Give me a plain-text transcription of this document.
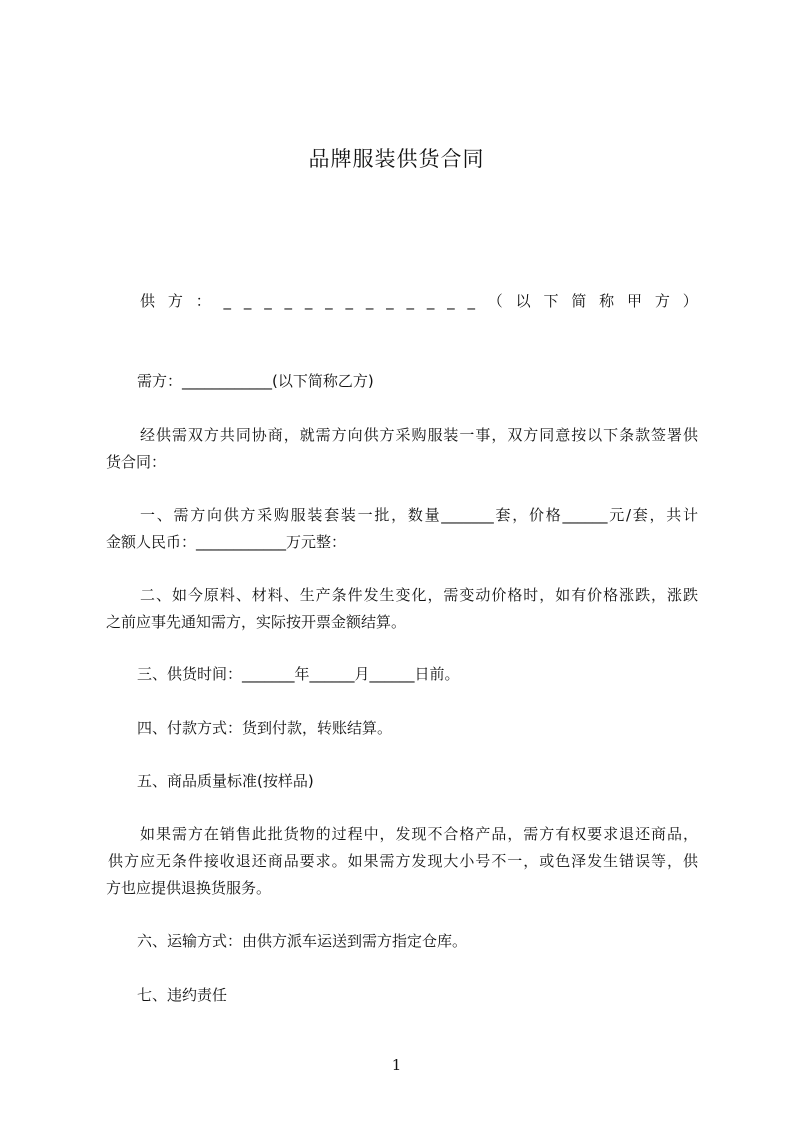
品牌服装供货合同
供 方 ： _ _ _ _ _ _ _ _ _ _ _ _ _ （ 以 下 简 称 甲 方 ）
需方：____________(以下简称乙方)
经供需双方共同协商，就需方向供方采购服装一事，双方同意按以下条款签署供
货合同：
一、需方向供方采购服装套装一批，数量_______套，价格______元/套，共计
金额人民币：____________万元整：
二、如今原料、材料、生产条件发生变化，需变动价格时，如有价格涨跌，涨跌
之前应事先通知需方，实际按开票金额结算。
三、供货时间：_______年______月______日前。
四、付款方式：货到付款，转账结算。
五、商品质量标准(按样品)
如果需方在销售此批货物的过程中，发现不合格产品，需方有权要求退还商品，
供方应无条件接收退还商品要求。如果需方发现大小号不一，或色泽发生错误等，供
方也应提供退换货服务。
六、运输方式：由供方派车运送到需方指定仓库。
七、违约责任
1
